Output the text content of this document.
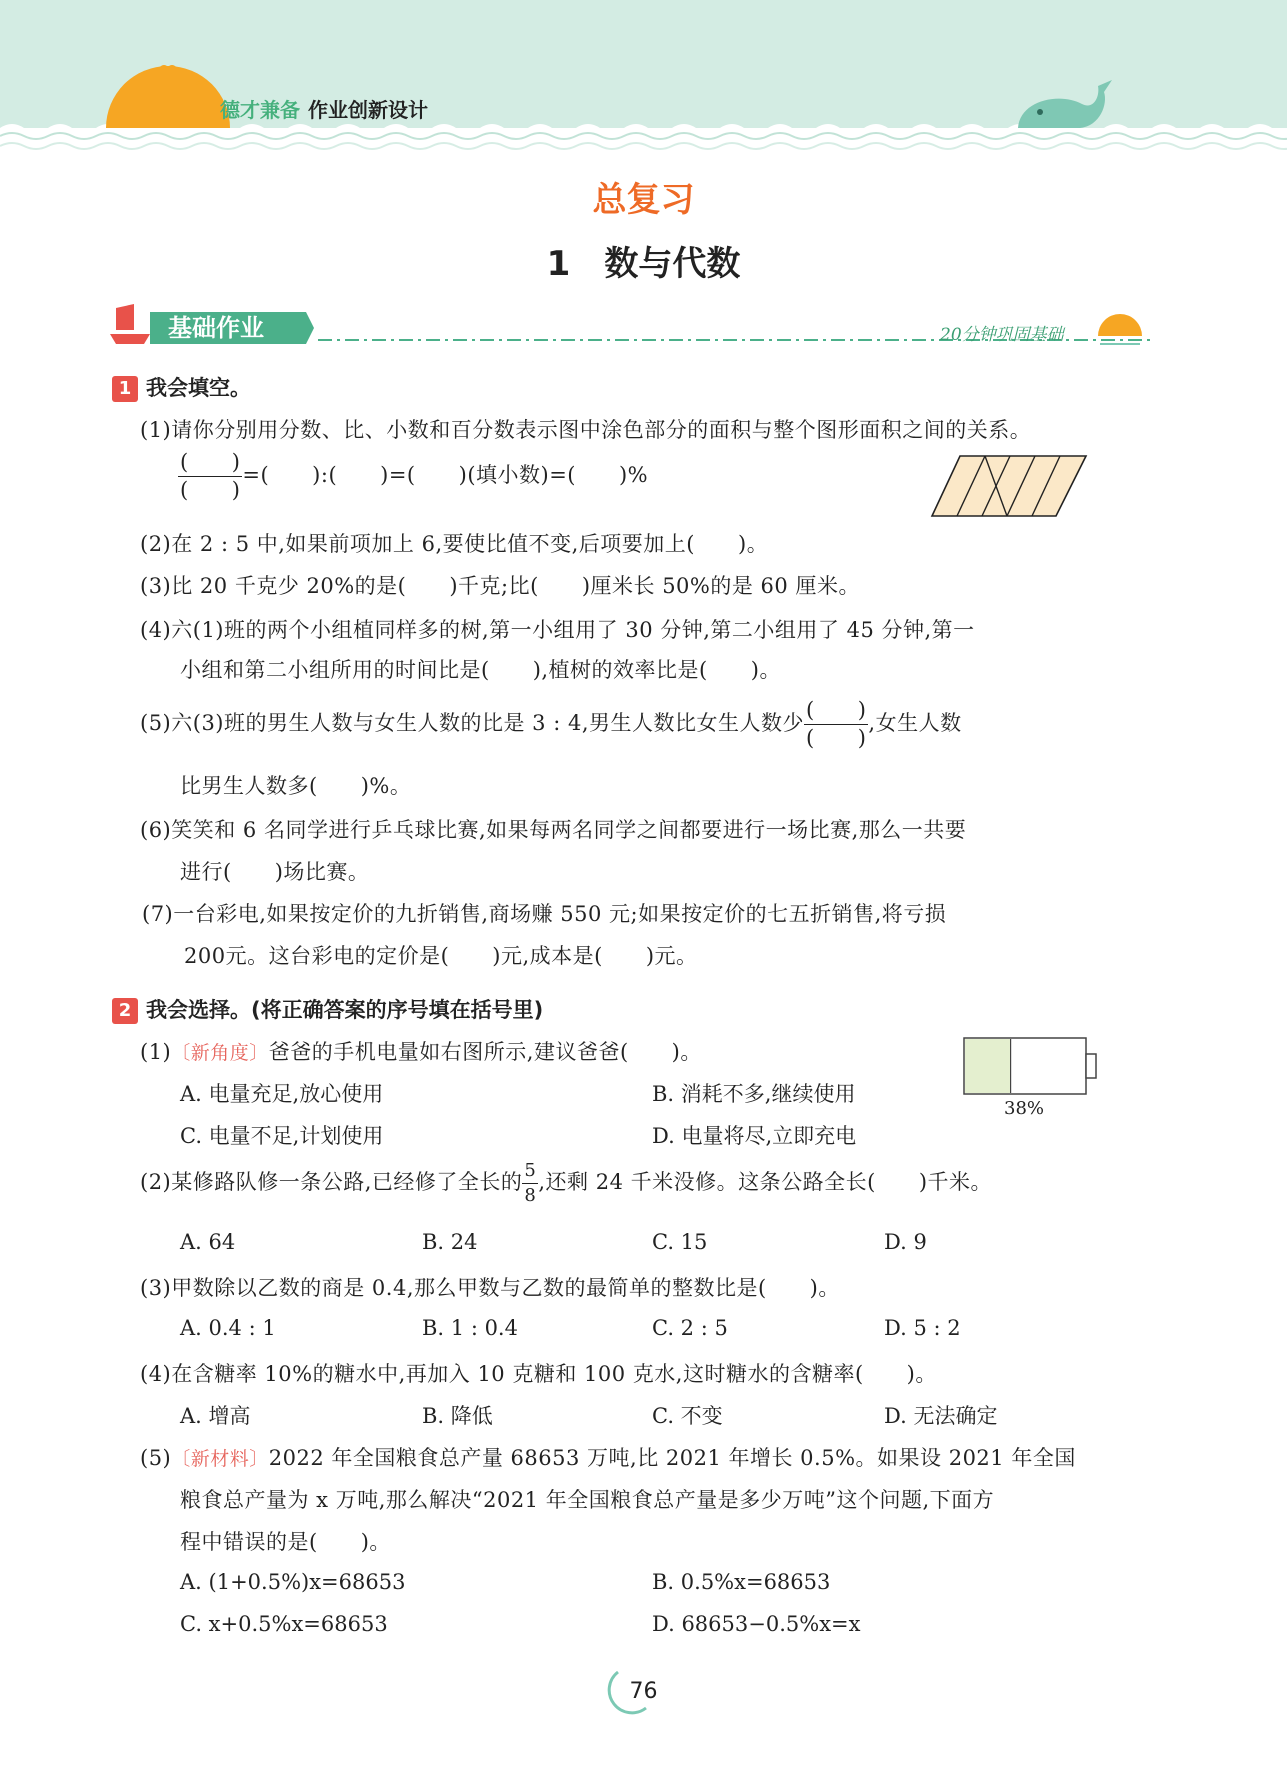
德才兼备 作业创新设计
总复习
1　数与代数
基础作业	20分钟巩固基础
1 我会填空。
(1)请你分别用分数、比、小数和百分数表示图中涂色部分的面积与整个图形面积之间的关系。
$\frac{( )}{( )}$ =(　　):(　　)=(　　)(填小数)=(　　)%
(2)在 2 : 5 中,如果前项加上 6,要使比值不变,后项要加上(　　)。
(3)比 20 千克少 20%的是(　　)千克;比(　　)厘米长 50%的是 60 厘米。
(4)六(1)班的两个小组植同样多的树,第一小组用了 30 分钟,第二小组用了 45 分钟,第一
小组和第二小组所用的时间比是(　　),植树的效率比是(　　)。
(5)六(3)班的男生人数与女生人数的比是 3 : 4,男生人数比女生人数少 $\frac{( )}{( )}$ ,女生人数
比男生人数多(　　)%。
(6)笑笑和 6 名同学进行乒乓球比赛,如果每两名同学之间都要进行一场比赛,那么一共要
进行(　　)场比赛。
(7)一台彩电,如果按定价的九折销售,商场赚 550 元;如果按定价的七五折销售,将亏损
200元。这台彩电的定价是(　　)元,成本是(　　)元。
2 我会选择。(将正确答案的序号填在括号里)
(1)〔新角度〕爸爸的手机电量如右图所示,建议爸爸(　　)。
A. 电量充足,放心使用	B. 消耗不多,继续使用
C. 电量不足,计划使用	D. 电量将尽,立即充电
38%
(2)某修路队修一条公路,已经修了全长的 $\frac{5}{8}$ ,还剩 24 千米没修。这条公路全长(　　)千米。
A. 64	B. 24	C. 15	D. 9
(3)甲数除以乙数的商是 0.4,那么甲数与乙数的最简单的整数比是(　　)。
A. 0.4 : 1	B. 1 : 0.4	C. 2 : 5	D. 5 : 2
(4)在含糖率 10%的糖水中,再加入 10 克糖和 100 克水,这时糖水的含糖率(　　)。
A. 增高	B. 降低	C. 不变	D. 无法确定
(5)〔新材料〕2022 年全国粮食总产量 68653 万吨,比 2021 年增长 0.5%。如果设 2021 年全国
粮食总产量为 x 万吨,那么解决“2021 年全国粮食总产量是多少万吨”这个问题,下面方
程中错误的是(　　)。
A. (1+0.5%)x=68653	B. 0.5%x=68653
C. x+0.5%x=68653	D. 68653−0.5%x=x
76
